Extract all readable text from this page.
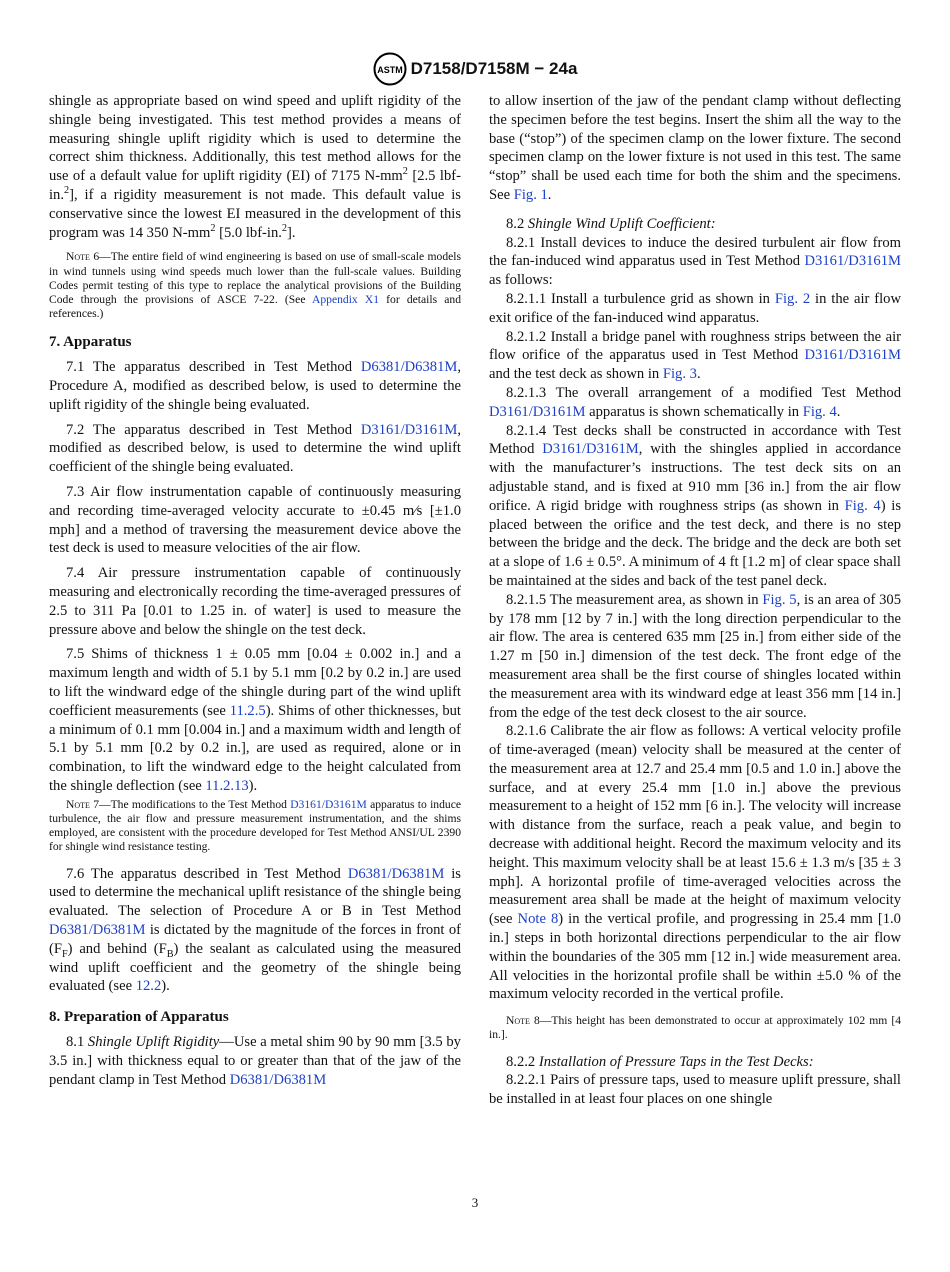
ASTM D7158/D7158M − 24a

shingle as appropriate based on wind speed and uplift rigidity of the shingle being investigated. This test method provides a means of measuring shingle uplift rigidity which is used to determine the correct shim thickness. Additionally, this test method allows for the use of a default value for uplift rigidity (EI) of 7175 $N-mm^2$ [2.5 lbf-in.$^2$], if a rigidity measurement is not made. This default value is conservative since the lowest EI measured in the development of this program was 14 350 $N-mm^2$ [5.0 lbf-in.$^2$].

Note 6—The entire field of wind engineering is based on use of small-scale models in wind tunnels using wind speeds much lower than the full-scale values. Building Codes permit testing of this type to replace the analytical provisions of the Building Code through the provisions of ASCE 7-22. (See Appendix X1 for details and references.)
7. Apparatus

7.1 The apparatus described in Test Method D6381/D6381M, Procedure A, modified as described below, is used to determine the uplift rigidity of the shingle being evaluated.

7.2 The apparatus described in Test Method D3161/D3161M, modified as described below, is used to determine the wind uplift coefficient of the shingle being evaluated.

7.3 Air flow instrumentation capable of continuously measuring and recording time-averaged velocity accurate to ±0.45 m⁄s [±1.0 mph] and a method of traversing the measurement device above the test deck is used to measure velocities of the air flow.

7.4 Air pressure instrumentation capable of continuously measuring and electronically recording the time-averaged pressures of 2.5 to 311 Pa [0.01 to 1.25 in. of water] is used to measure the pressure above and below the shingle on the test deck.

7.5 Shims of thickness 1 ± 0.05 mm [0.04 ± 0.002 in.] and a maximum length and width of 5.1 by 5.1 mm [0.2 by 0.2 in.] are used to lift the windward edge of the shingle during part of the wind uplift coefficient measurements (see 11.2.5). Shims of other thicknesses, but a minimum of 0.1 mm [0.004 in.] and a maximum width and length of 5.1 by 5.1 mm [0.2 by 0.2 in.], are used as required, alone or in combination, to lift the windward edge to the height calculated from the shingle deflection (see 11.2.13).

Note 7—The modifications to the Test Method D3161/D3161M apparatus to induce turbulence, the air flow and pressure measurement instrumentation, and the shims employed, are consistent with the procedure developed for Test Method ANSI/UL 2390 for shingle wind resistance testing.

7.6 The apparatus described in Test Method D6381/D6381M is used to determine the mechanical uplift resistance of the shingle being evaluated. The selection of Procedure A or B in Test Method D6381/D6381M is dictated by the magnitude of the forces in front of $(F_F)$ and behind $(F_B)$ the sealant as calculated using the measured wind uplift coefficient and the geometry of the shingle being evaluated (see 12.2).

8. Preparation of Apparatus

8.1 Shingle Uplift Rigidity—Use a metal shim 90 by 90 mm [3.5 by 3.5 in.] with thickness equal to or greater than that of the jaw of the pendant clamp in Test Method D6381/D6381M

to allow insertion of the jaw of the pendant clamp without deflecting the specimen before the test begins. Insert the shim all the way to the base (“stop”) of the specimen clamp on the lower fixture. The second specimen clamp on the lower fixture is not used in this test. The same “stop” shall be used each time for both the shim and the specimens. See Fig. 1.

8.2 Shingle Wind Uplift Coefficient:

8.2.1 Install devices to induce the desired turbulent air flow from the fan-induced wind apparatus used in Test Method D3161/D3161M as follows:

8.2.1.1 Install a turbulence grid as shown in Fig. 2 in the air flow exit orifice of the fan-induced wind apparatus.

8.2.1.2 Install a bridge panel with roughness strips between the air flow orifice of the apparatus used in Test Method D3161/D3161M and the test deck as shown in Fig. 3.

8.2.1.3 The overall arrangement of a modified Test Method D3161/D3161M apparatus is shown schematically in Fig. 4.

8.2.1.4 Test decks shall be constructed in accordance with Test Method D3161/D3161M, with the shingles applied in accordance with the manufacturer’s instructions. The test deck sits on an adjustable stand, and is fixed at 910 mm [36 in.] from the air flow orifice. A rigid bridge with roughness strips (as shown in Fig. 4) is placed between the orifice and the test deck, and there is no step between the bridge and the deck. The bridge and the deck are both set at a slope of 1.6 ± 0.5°. A minimum of 4 ft [1.2 m] of clear space shall be maintained at the sides and back of the test panel deck.

8.2.1.5 The measurement area, as shown in Fig. 5, is an area of 305 by 178 mm [12 by 7 in.] with the long direction perpendicular to the air flow. The area is centered 635 mm [25 in.] from either side of the 1.27 m [50 in.] dimension of the test deck. The front edge of the measurement area shall be the first course of shingles located within the measurement area with its windward edge at least 356 mm [14 in.] from the edge of the test deck closest to the air source.

8.2.1.6 Calibrate the air flow as follows: A vertical velocity profile of time-averaged (mean) velocity shall be measured at the center of the measurement area at 12.7 and 25.4 mm [0.5 and 1.0 in.] above the surface, and at every 25.4 mm [1.0 in.] above the previous measurement to a height of 152 mm [6 in.]. The velocity will increase with distance from the surface, reach a peak value, and begin to decrease with additional height. Record the maximum velocity and its height. This maximum velocity shall be at least 15.6 ± 1.3 m/s [35 ± 3 mph]. A horizontal profile of time-averaged velocities across the measurement area shall be made at the height of maximum velocity (see Note 8) in the vertical profile, and progressing in 25.4 mm [1.0 in.] steps in both horizontal directions perpendicular to the air flow within the boundaries of the 305 mm [12 in.] wide measurement area. All velocities in the horizontal profile shall be within ±5.0 % of the maximum velocity recorded in the vertical profile.

Note 8—This height has been demonstrated to occur at approximately 102 mm [4 in.].

8.2.2 Installation of Pressure Taps in the Test Decks:

8.2.2.1 Pairs of pressure taps, used to measure uplift pressure, shall be installed in at least four places on one shingle

3
